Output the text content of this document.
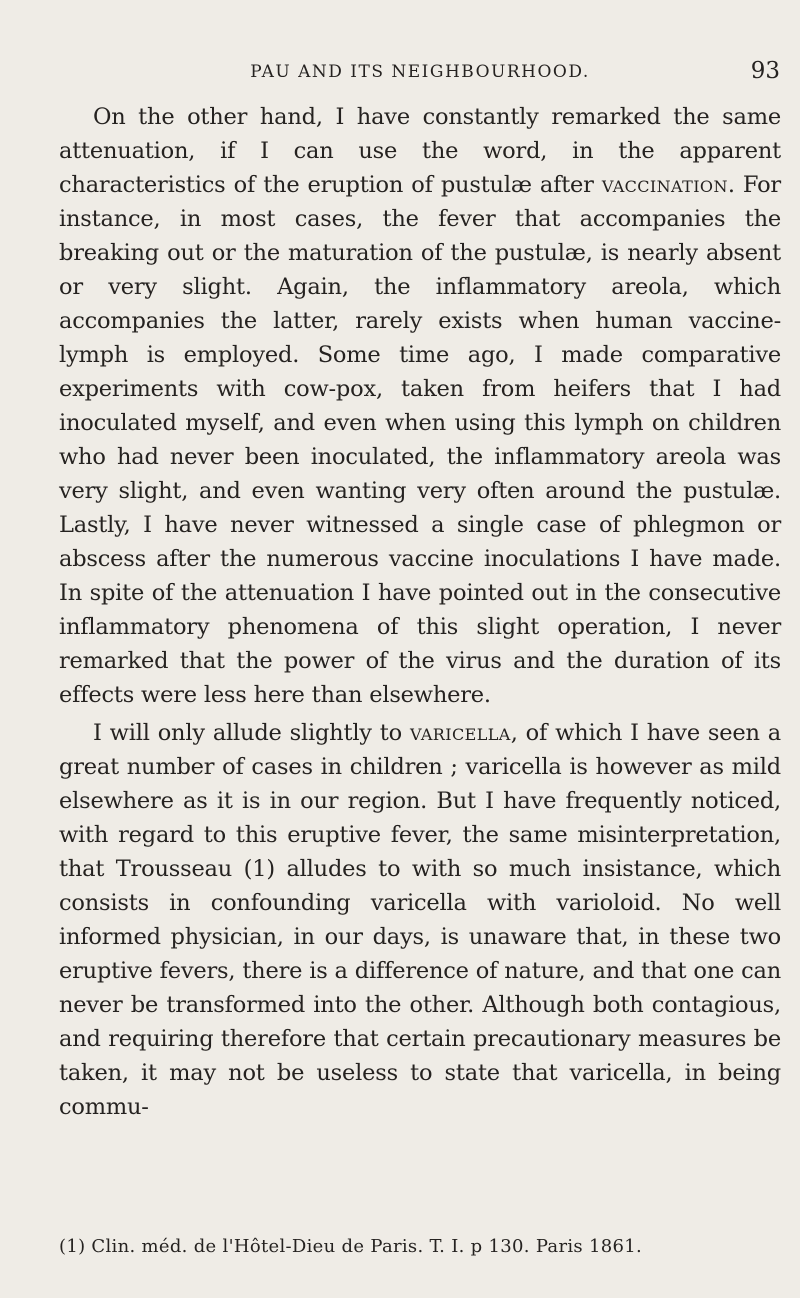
PAU AND ITS NEIGHBOURHOOD.	93

On the other hand, I have constantly remarked the same attenuation, if I can use the word, in the apparent characteristics of the eruption of pustulæ after vaccination. For instance, in most cases, the fever that accompanies the breaking out or the maturation of the pustulæ, is nearly absent or very slight. Again, the inflammatory areola, which accompanies the latter, rarely exists when human vaccine-lymph is employed. Some time ago, I made comparative experiments with cow-pox, taken from heifers that I had inoculated myself, and even when using this lymph on children who had never been inoculated, the inflammatory areola was very slight, and even wanting very often around the pustulæ. Lastly, I have never witnessed a single case of phlegmon or abscess after the numerous vaccine inoculations I have made. In spite of the attenuation I have pointed out in the consecutive inflammatory phenomena of this slight operation, I never remarked that the power of the virus and the duration of its effects were less here than elsewhere.

I will only allude slightly to varicella, of which I have seen a great number of cases in children ; varicella is however as mild elsewhere as it is in our region. But I have frequently noticed, with regard to this eruptive fever, the same misinterpretation, that Trousseau (1) alludes to with so much insistance, which consists in confounding varicella with varioloid. No well informed physician, in our days, is unaware that, in these two eruptive fevers, there is a difference of nature, and that one can never be transformed into the other. Although both contagious, and requiring therefore that certain precautionary measures be taken, it may not be useless to state that varicella, in being commu-

(1) Clin. méd. de l'Hôtel-Dieu de Paris. T. I. p 130. Paris 1861.
